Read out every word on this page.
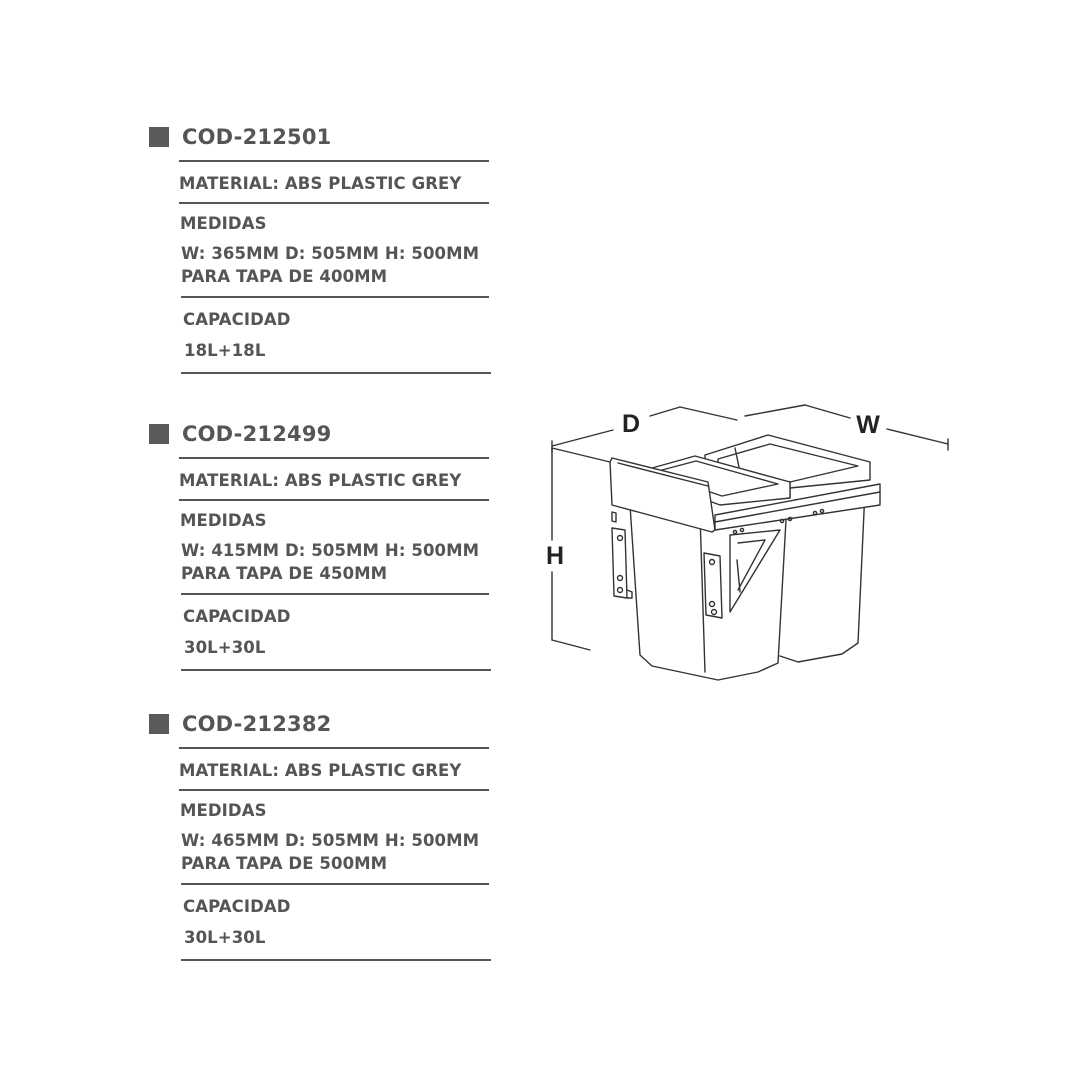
COD-212501
MATERIAL: ABS PLASTIC GREY
MEDIDAS
W: 365MM D: 505MM H: 500MM
PARA TAPA DE 400MM
CAPACIDAD
18L+18L
COD-212499
MATERIAL: ABS PLASTIC GREY
MEDIDAS
W: 415MM D: 505MM H: 500MM
PARA TAPA DE 450MM
CAPACIDAD
30L+30L
COD-212382
MATERIAL: ABS PLASTIC GREY
MEDIDAS
W: 465MM D: 505MM H: 500MM
PARA TAPA DE 500MM
CAPACIDAD
30L+30L
D	W
H
